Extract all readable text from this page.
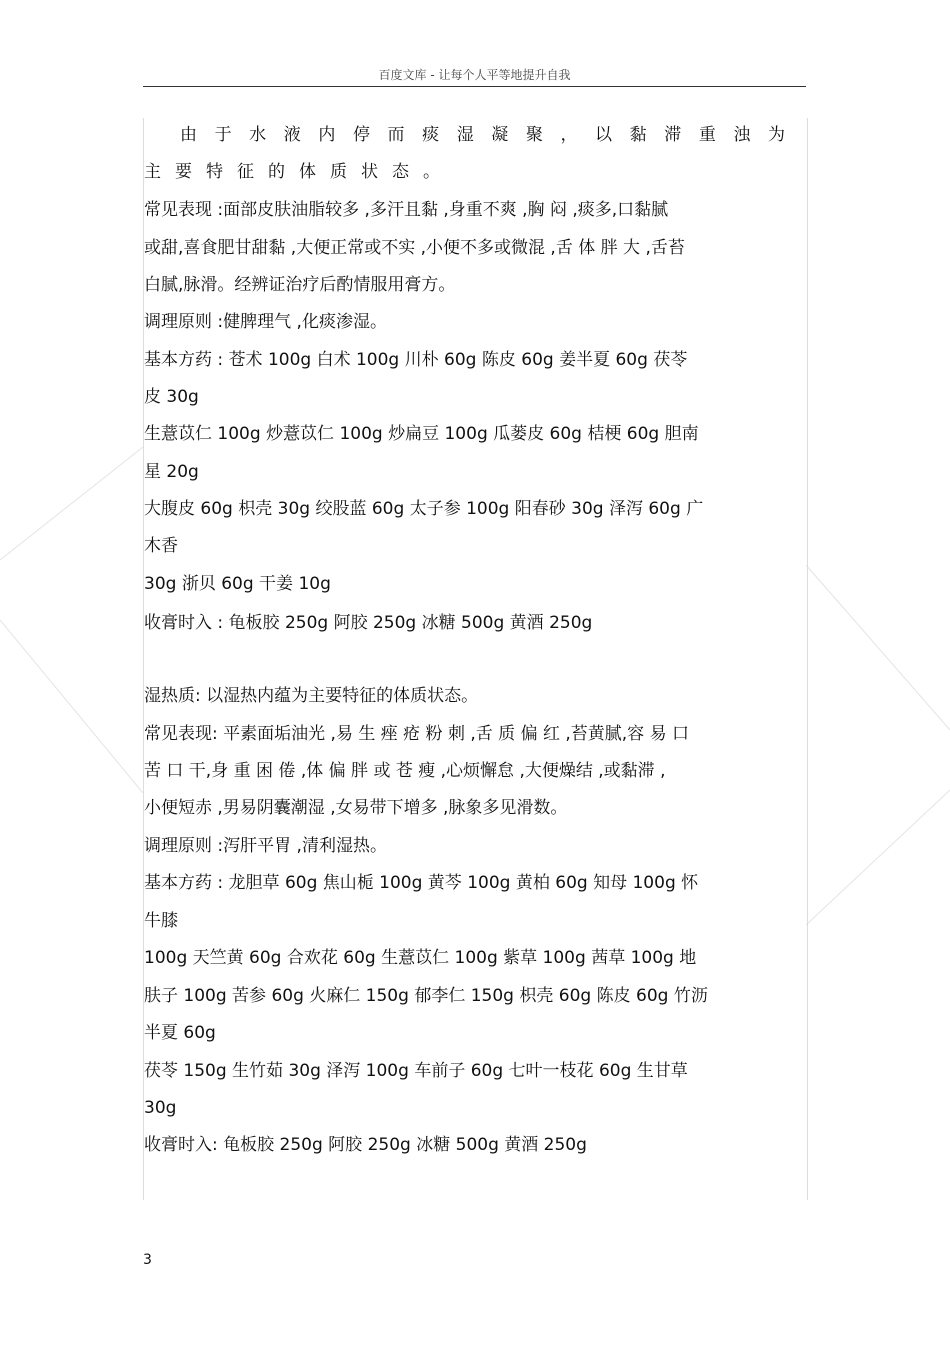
百度文库 - 让每个人平等地提升自我
由于水液内停而痰湿凝聚，以黏滞重浊为
主要特征的体质状态。
常见表现 :面部皮肤油脂较多 ,多汗且黏 ,身重不爽 ,胸 闷 ,痰多,口黏腻
或甜,喜食肥甘甜黏 ,大便正常或不实 ,小便不多或微混 ,舌 体 胖 大 ,舌苔
白腻,脉滑。经辨证治疗后酌情服用膏方。
调理原则 :健脾理气 ,化痰渗湿。
基本方药 : 苍术 100g 白术 100g 川朴 60g 陈皮 60g 姜半夏 60g 茯苓
皮 30g
生薏苡仁 100g 炒薏苡仁 100g 炒扁豆 100g 瓜蒌皮 60g 桔梗 60g 胆南
星 20g
大腹皮 60g 枳壳 30g 绞股蓝 60g 太子参 100g 阳春砂 30g 泽泻 60g 广
木香
30g 浙贝 60g 干姜 10g
收膏时入 : 龟板胶 250g 阿胶 250g 冰糖 500g 黄酒 250g
湿热质: 以湿热内蕴为主要特征的体质状态。
常见表现: 平素面垢油光 ,易 生 痤 疮 粉 刺 ,舌 质 偏 红 ,苔黄腻,容 易 口
苦 口 干,身 重 困 倦 ,体 偏 胖 或 苍 瘦 ,心烦懈怠 ,大便燥结 ,或黏滞 ,
小便短赤 ,男易阴囊潮湿 ,女易带下增多 ,脉象多见滑数。
调理原则 :泻肝平胃 ,清利湿热。
基本方药 : 龙胆草 60g 焦山栀 100g 黄芩 100g 黄柏 60g 知母 100g 怀
牛膝
100g 天竺黄 60g 合欢花 60g 生薏苡仁 100g 紫草 100g 茜草 100g 地
肤子 100g 苦参 60g 火麻仁 150g 郁李仁 150g 枳壳 60g 陈皮 60g 竹沥
半夏 60g
茯苓 150g 生竹茹 30g 泽泻 100g 车前子 60g 七叶一枝花 60g 生甘草
30g
收膏时入: 龟板胶 250g 阿胶 250g 冰糖 500g 黄酒 250g
3
